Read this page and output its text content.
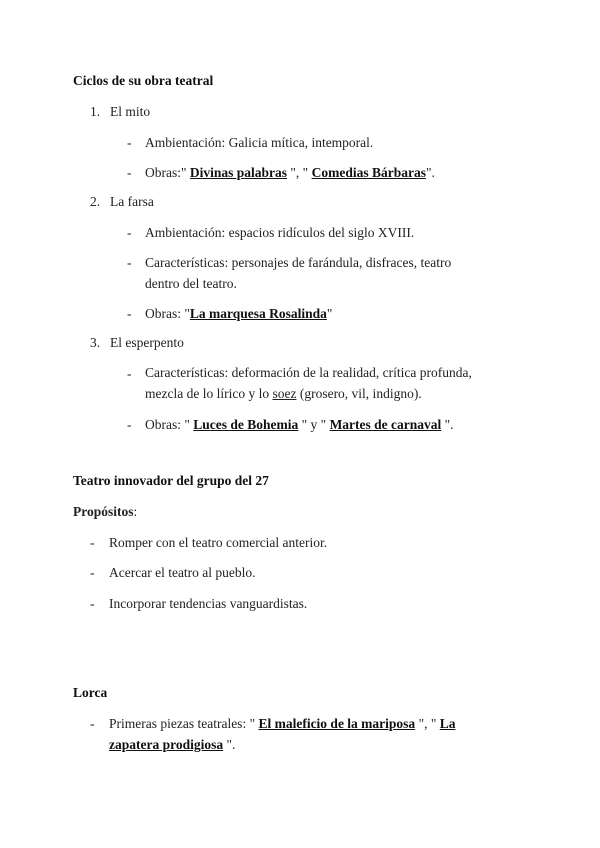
Ciclos de su obra teatral
1. El mito
- Ambientación: Galicia mítica, intemporal.
- Obras:" Divinas palabras ", " Comedias Bárbaras".
2. La farsa
- Ambientación: espacios ridículos del siglo XVIII.
- Características: personajes de farándula, disfraces, teatro
dentro del teatro.
- Obras: "La marquesa Rosalinda"
3. El esperpento
- Características: deformación de la realidad, crítica profunda,
mezcla de lo lírico y lo soez (grosero, vil, indigno).
- Obras: " Luces de Bohemia " y " Martes de carnaval ".
Teatro innovador del grupo del 27
Propósitos:
- Romper con el teatro comercial anterior.
- Acercar el teatro al pueblo.
- Incorporar tendencias vanguardistas.
Lorca
- Primeras piezas teatrales: " El maleficio de la mariposa ", " La
zapatera prodigiosa ".
